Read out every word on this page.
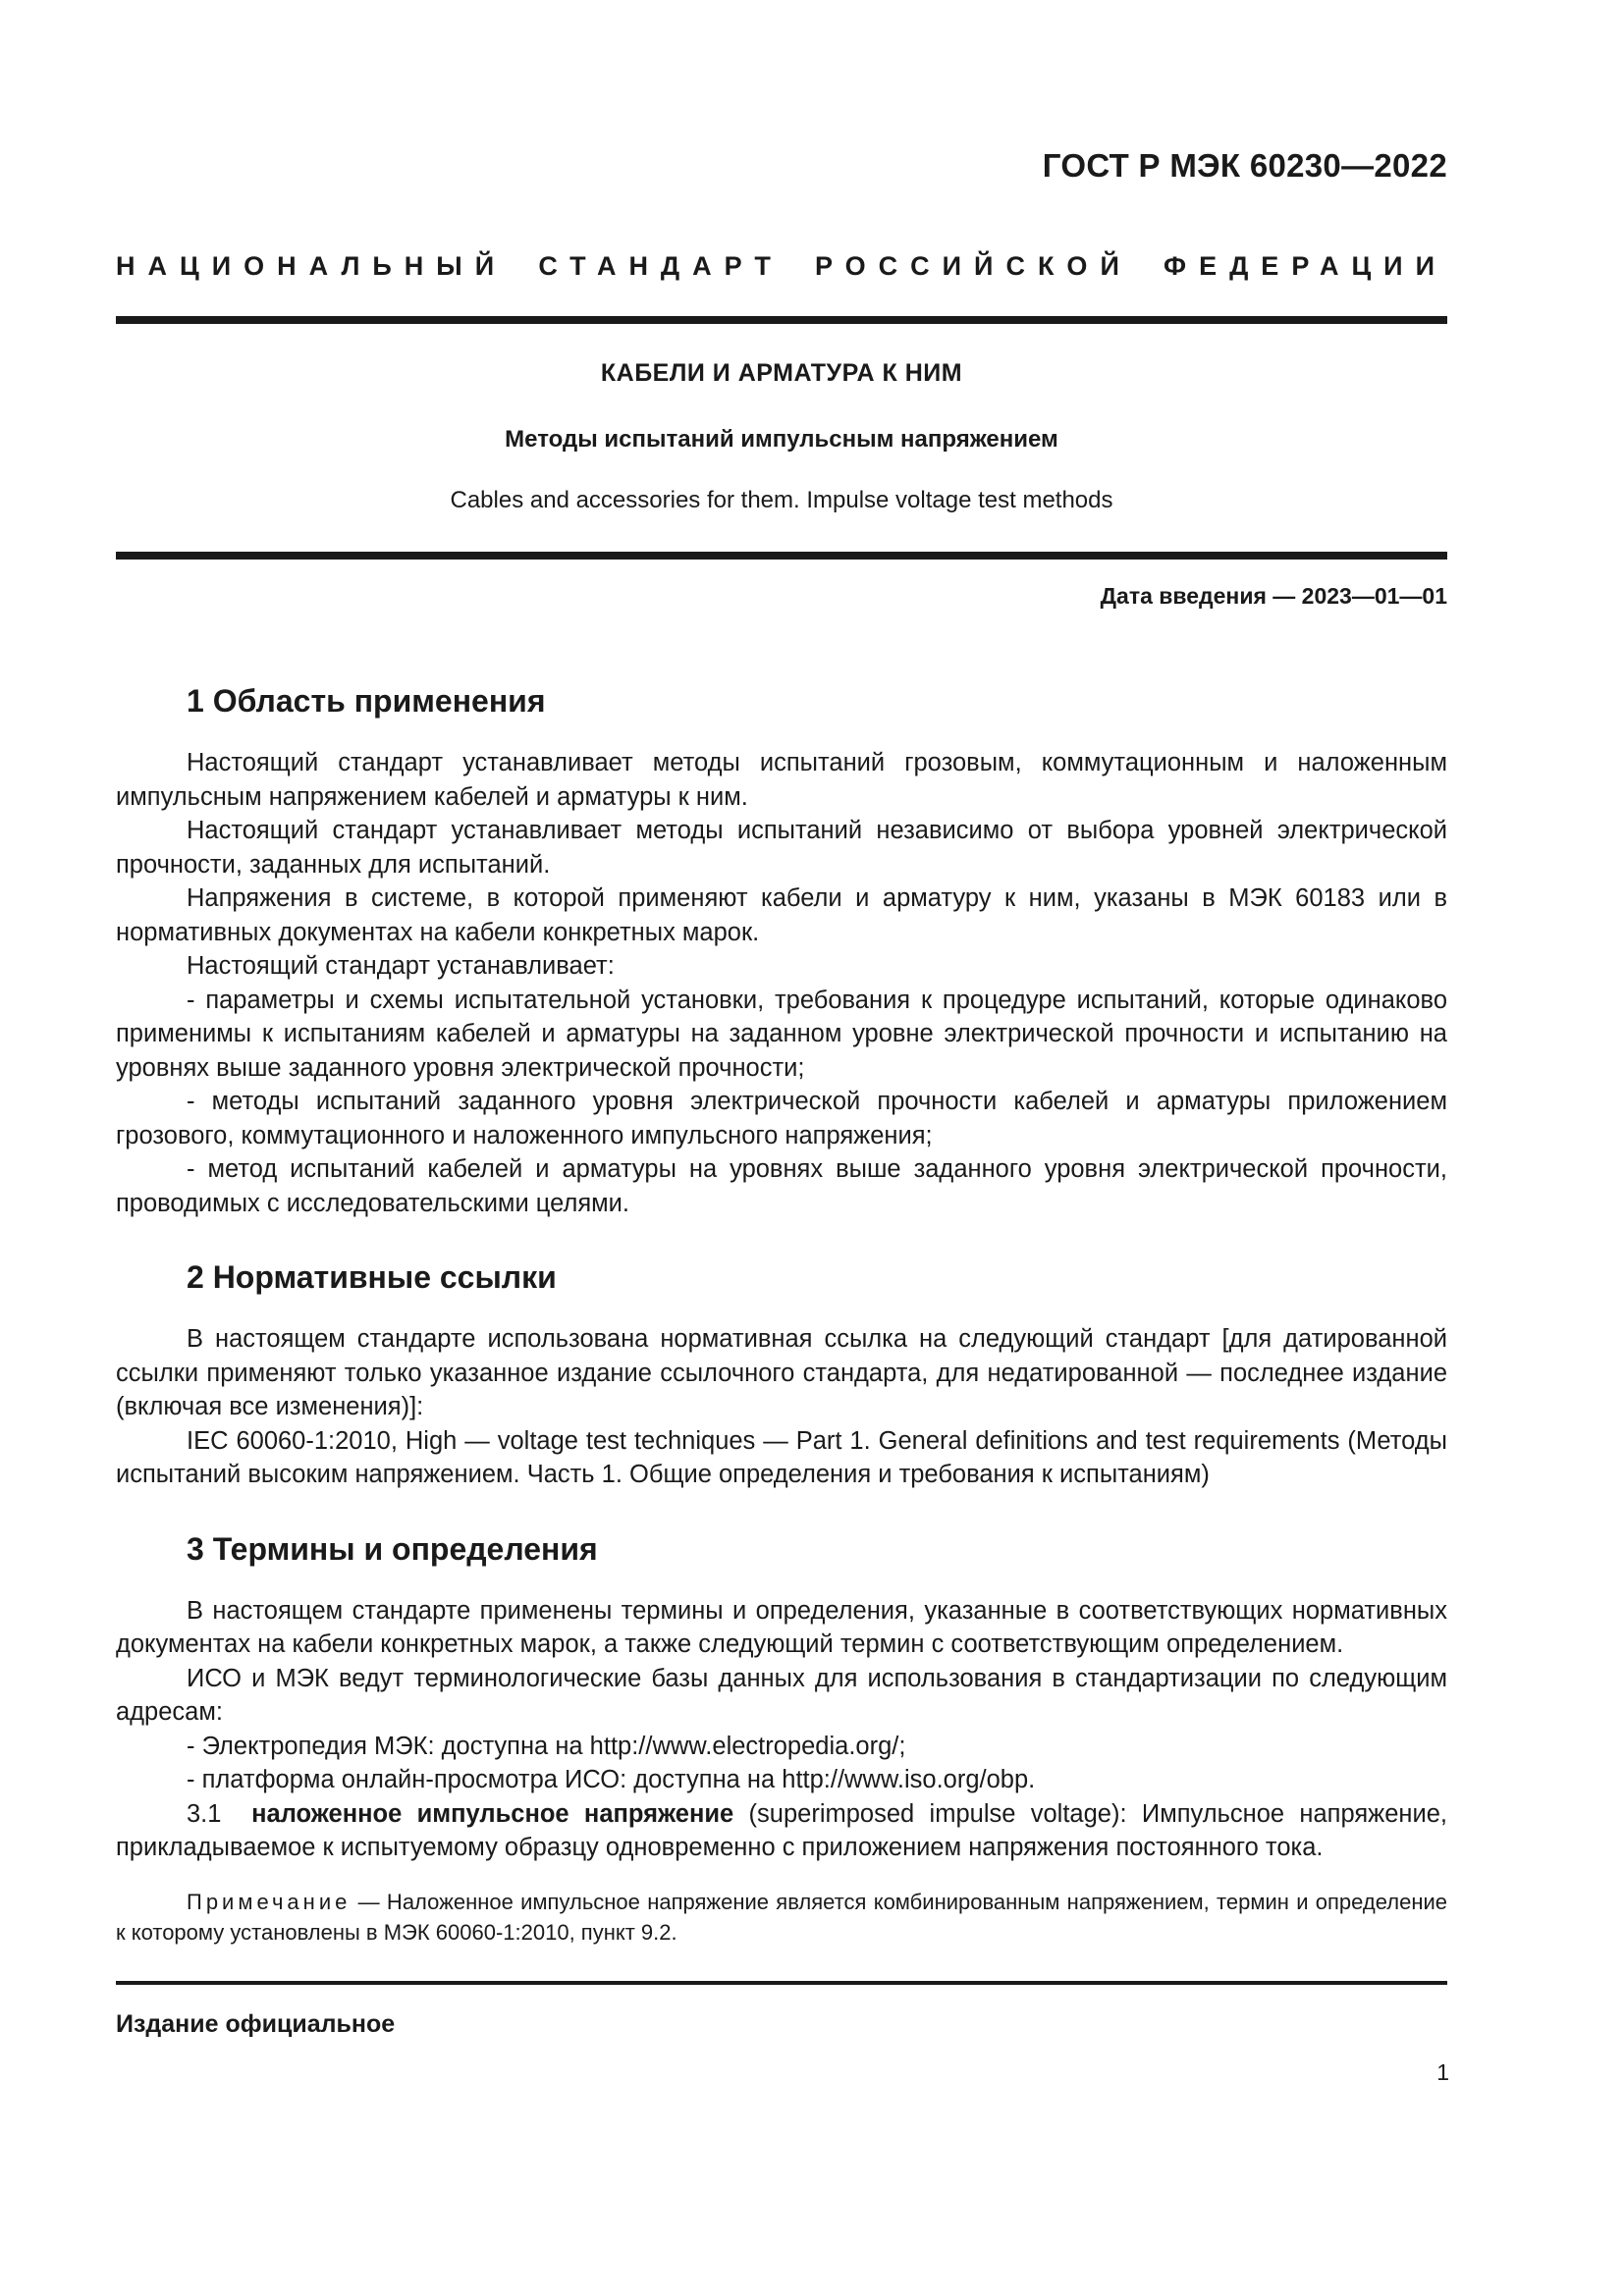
ГОСТ Р МЭК 60230—2022
НАЦИОНАЛЬНЫЙ СТАНДАРТ РОССИЙСКОЙ ФЕДЕРАЦИИ
КАБЕЛИ И АРМАТУРА К НИМ
Методы испытаний импульсным напряжением
Cables and accessories for them. Impulse voltage test methods
Дата введения — 2023—01—01
1 Область применения

Настоящий стандарт устанавливает методы испытаний грозовым, коммутационным и наложенным импульсным напряжением кабелей и арматуры к ним.

Настоящий стандарт устанавливает методы испытаний независимо от выбора уровней электрической прочности, заданных для испытаний.

Напряжения в системе, в которой применяют кабели и арматуру к ним, указаны в МЭК 60183 или в нормативных документах на кабели конкретных марок.

Настоящий стандарт устанавливает:

- параметры и схемы испытательной установки, требования к процедуре испытаний, которые одинаково применимы к испытаниям кабелей и арматуры на заданном уровне электрической прочности и испытанию на уровнях выше заданного уровня электрической прочности;

- методы испытаний заданного уровня электрической прочности кабелей и арматуры приложением грозового, коммутационного и наложенного импульсного напряжения;

- метод испытаний кабелей и арматуры на уровнях выше заданного уровня электрической прочности, проводимых с исследовательскими целями.

2 Нормативные ссылки

В настоящем стандарте использована нормативная ссылка на следующий стандарт [для датированной ссылки применяют только указанное издание ссылочного стандарта, для недатированной — последнее издание (включая все изменения)]:

IEC 60060-1:2010, High — voltage test techniques — Part 1. General definitions and test requirements (Методы испытаний высоким напряжением. Часть 1. Общие определения и требования к испытаниям)

3 Термины и определения

В настоящем стандарте применены термины и определения, указанные в соответствующих нормативных документах на кабели конкретных марок, а также следующий термин с соответствующим определением.

ИСО и МЭК ведут терминологические базы данных для использования в стандартизации по следующим адресам:

- Электропедия МЭК: доступна на http://www.electropedia.org/;

- платформа онлайн-просмотра ИСО: доступна на http://www.iso.org/obp.

3.1 наложенное импульсное напряжение (superimposed impulse voltage): Импульсное напряжение, прикладываемое к испытуемому образцу одновременно с приложением напряжения постоянного тока.

Примечание — Наложенное импульсное напряжение является комбинированным напряжением, термин и определение к которому установлены в МЭК 60060-1:2010, пункт 9.2.

Издание официальное
1
